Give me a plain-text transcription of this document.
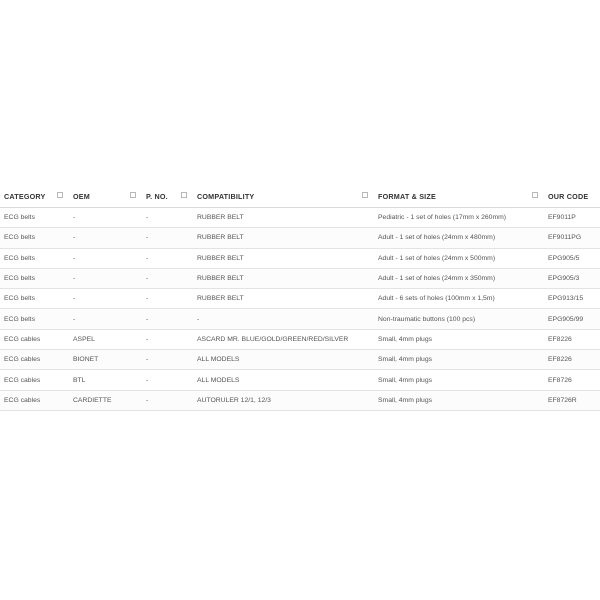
CATEGORY	OEM	P. NO.	COMPATIBILITY	FORMAT & SIZE	OUR CODE
ECG belts	-	-	RUBBER BELT	Pediatric - 1 set of holes (17mm x 260mm)	EF9011P
ECG belts	-	-	RUBBER BELT	Adult - 1 set of holes (24mm x 480mm)	EF9011PG
ECG belts	-	-	RUBBER BELT	Adult - 1 set of holes (24mm x 500mm)	EPG905/5
ECG belts	-	-	RUBBER BELT	Adult - 1 set of holes (24mm x 350mm)	EPG905/3
ECG belts	-	-	RUBBER BELT	Adult - 6 sets of holes (100mm x 1,5m)	EPG913/15
ECG belts	-	-	-	Non-traumatic buttons (100 pcs)	EPG905/99
ECG cables	ASPEL	-	ASCARD MR. BLUE/GOLD/GREEN/RED/SILVER	Small, 4mm plugs	EF8226
ECG cables	BIONET	-	ALL MODELS	Small, 4mm plugs	EF8226
ECG cables	BTL	-	ALL MODELS	Small, 4mm plugs	EF8726
ECG cables	CARDIETTE	-	AUTORULER 12/1, 12/3	Small, 4mm plugs	EF8726R
